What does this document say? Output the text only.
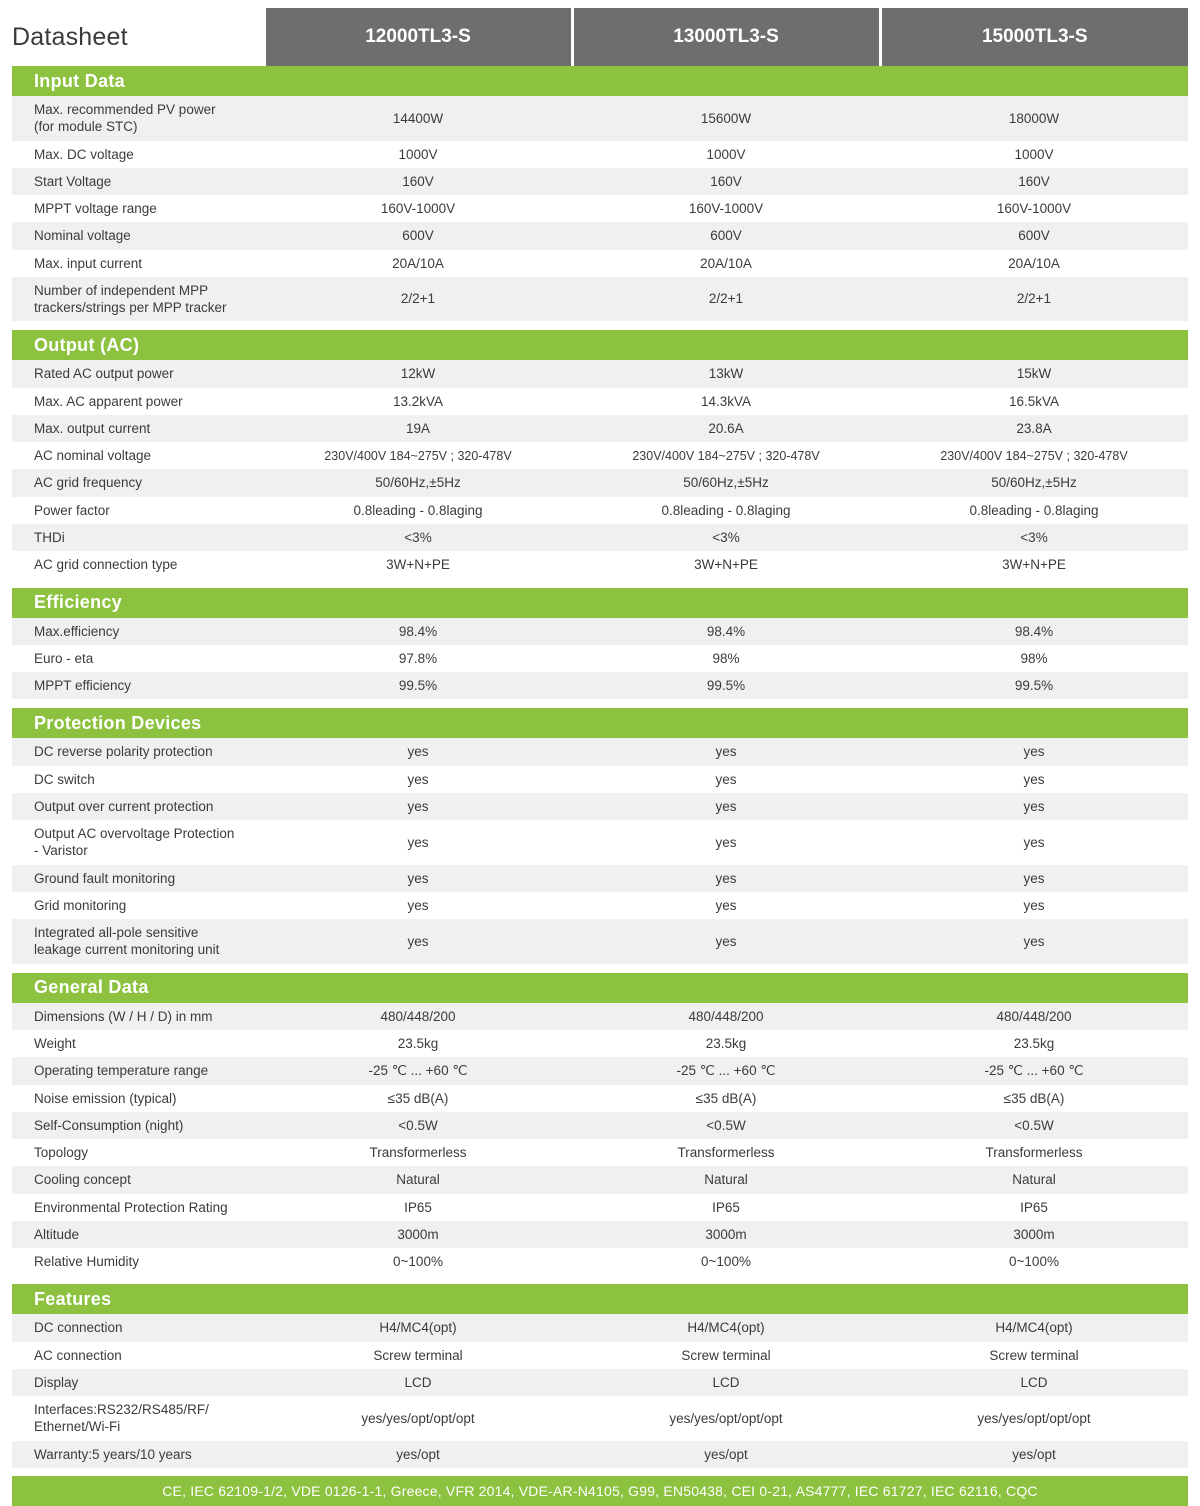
Datasheet	12000TL3-S	13000TL3-S	15000TL3-S
Input Data			
Max. recommended PV power
(for module STC)	14400W	15600W	18000W
Max. DC voltage	1000V	1000V	1000V
Start Voltage	160V	160V	160V
MPPT voltage range	160V-1000V	160V-1000V	160V-1000V
Nominal voltage	600V	600V	600V
Max. input current	20A/10A	20A/10A	20A/10A
Number of independent MPP
trackers/strings per MPP tracker	2/2+1	2/2+1	2/2+1

Output (AC)			
Rated AC output power	12kW	13kW	15kW
Max. AC apparent power	13.2kVA	14.3kVA	16.5kVA
Max. output current	19A	20.6A	23.8A
AC nominal voltage	230V/400V 184~275V ; 320-478V	230V/400V 184~275V ; 320-478V	230V/400V 184~275V ; 320-478V
AC grid frequency	50/60Hz,±5Hz	50/60Hz,±5Hz	50/60Hz,±5Hz
Power factor	0.8leading - 0.8laging	0.8leading - 0.8laging	0.8leading - 0.8laging
THDi	<3%	<3%	<3%
AC grid connection type	3W+N+PE	3W+N+PE	3W+N+PE

Efficiency			
Max.efficiency	98.4%	98.4%	98.4%
Euro - eta	97.8%	98%	98%
MPPT efficiency	99.5%	99.5%	99.5%

Protection Devices			
DC reverse polarity protection	yes	yes	yes
DC switch	yes	yes	yes
Output over current protection	yes	yes	yes
Output AC overvoltage Protection
- Varistor	yes	yes	yes
Ground fault monitoring	yes	yes	yes
Grid monitoring	yes	yes	yes
Integrated all-pole sensitive
leakage current monitoring unit	yes	yes	yes

General Data			
Dimensions (W / H / D) in mm	480/448/200	480/448/200	480/448/200
Weight	23.5kg	23.5kg	23.5kg
Operating temperature range	-25 ℃ ... +60 ℃	-25 ℃ ... +60 ℃	-25 ℃ ... +60 ℃
Noise emission (typical)	≤35 dB(A)	≤35 dB(A)	≤35 dB(A)
Self-Consumption (night)	<0.5W	<0.5W	<0.5W
Topology	Transformerless	Transformerless	Transformerless
Cooling concept	Natural	Natural	Natural
Environmental Protection Rating	IP65	IP65	IP65
Altitude	3000m	3000m	3000m
Relative Humidity	0~100%	0~100%	0~100%

Features			
DC connection	H4/MC4(opt)	H4/MC4(opt)	H4/MC4(opt)
AC connection	Screw terminal	Screw terminal	Screw terminal
Display	LCD	LCD	LCD
Interfaces:RS232/RS485/RF/
Ethernet/Wi-Fi	yes/yes/opt/opt/opt	yes/yes/opt/opt/opt	yes/yes/opt/opt/opt
Warranty:5 years/10 years	yes/opt	yes/opt	yes/opt
CE, IEC 62109-1/2, VDE 0126-1-1, Greece, VFR 2014, VDE-AR-N4105, G99, EN50438, CEI 0-21, AS4777, IEC 61727, IEC 62116, CQC
